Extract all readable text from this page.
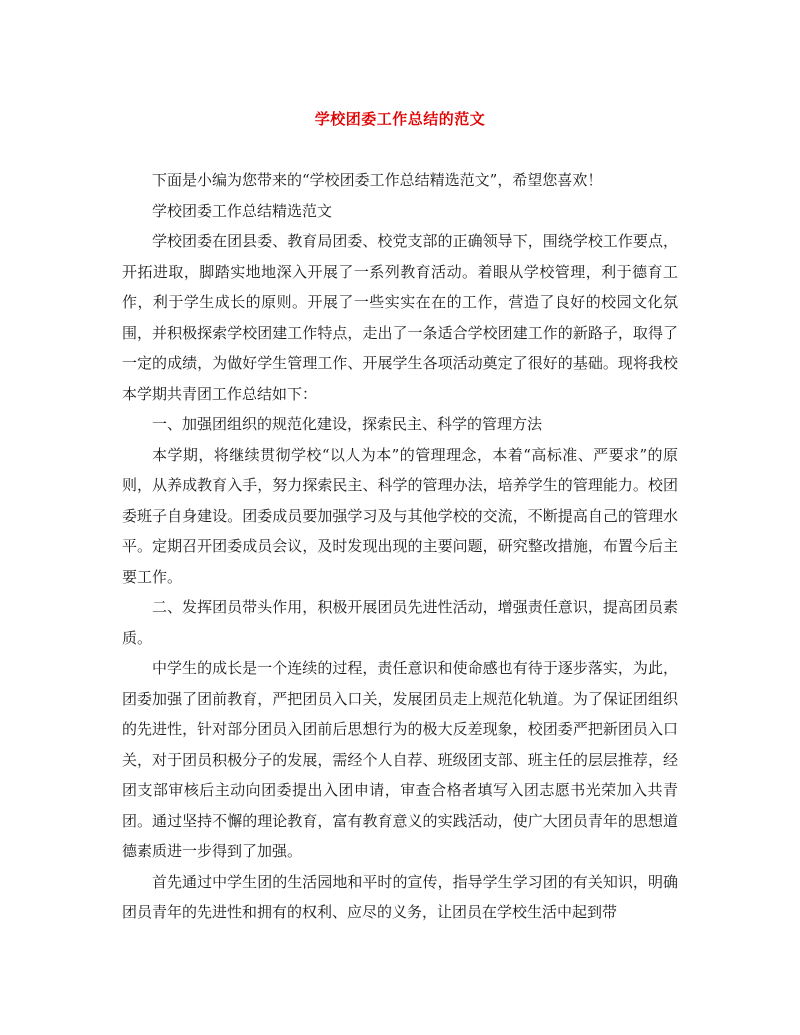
学校团委工作总结的范文

下面是小编为您带来的“学校团委工作总结精选范文”，希望您喜欢！

学校团委工作总结精选范文

学校团委在团县委、教育局团委、校党支部的正确领导下，围绕学校工作要点，开拓进取，脚踏实地地深入开展了一系列教育活动。着眼从学校管理，利于德育工作，利于学生成长的原则。开展了一些实实在在的工作，营造了良好的校园文化氛围，并积极探索学校团建工作特点，走出了一条适合学校团建工作的新路子，取得了一定的成绩，为做好学生管理工作、开展学生各项活动奠定了很好的基础。现将我校本学期共青团工作总结如下：

一、加强团组织的规范化建设，探索民主、科学的管理方法

本学期，将继续贯彻学校“以人为本”的管理理念，本着“高标准、严要求”的原则，从养成教育入手，努力探索民主、科学的管理办法，培养学生的管理能力。校团委班子自身建设。团委成员要加强学习及与其他学校的交流，不断提高自己的管理水平。定期召开团委成员会议，及时发现出现的主要问题，研究整改措施，布置今后主要工作。

二、发挥团员带头作用，积极开展团员先进性活动，增强责任意识，提高团员素质。

中学生的成长是一个连续的过程，责任意识和使命感也有待于逐步落实，为此，团委加强了团前教育，严把团员入口关，发展团员走上规范化轨道。为了保证团组织的先进性，针对部分团员入团前后思想行为的极大反差现象，校团委严把新团员入口关，对于团员积极分子的发展，需经个人自荐、班级团支部、班主任的层层推荐，经团支部审核后主动向团委提出入团申请，审查合格者填写入团志愿书光荣加入共青团。通过坚持不懈的理论教育，富有教育意义的实践活动，使广大团员青年的思想道德素质进一步得到了加强。

首先通过中学生团的生活园地和平时的宣传，指导学生学习团的有关知识，明确团员青年的先进性和拥有的权利、应尽的义务，让团员在学校生活中起到带
